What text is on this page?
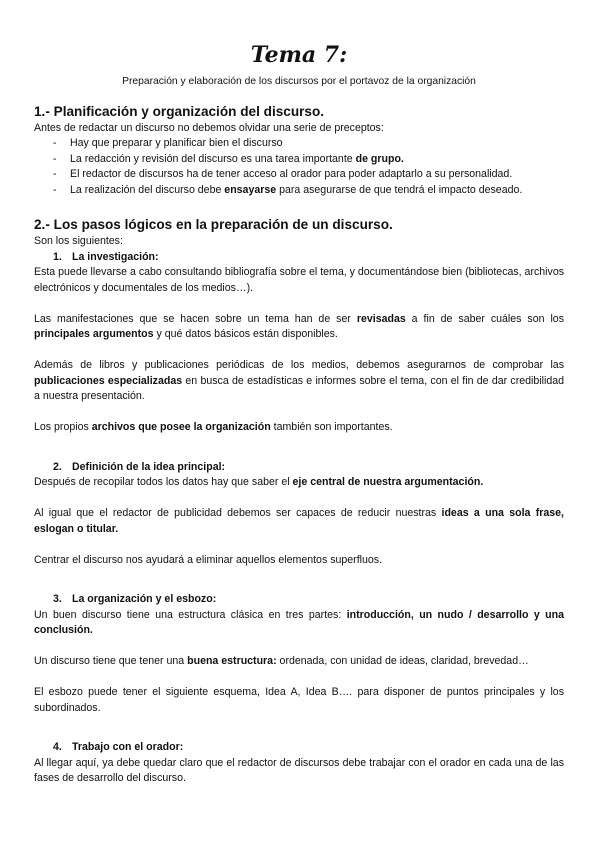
Tema 7:

Preparación y elaboración de los discursos por el portavoz de la organización

1.- Planificación y organización del discurso.

Antes de redactar un discurso no debemos olvidar una serie de preceptos:

- Hay que preparar y planificar bien el discurso
- La redacción y revisión del discurso es una tarea importante de grupo.
- El redactor de discursos ha de tener acceso al orador para poder adaptarlo a su personalidad.
- La realización del discurso debe ensayarse para asegurarse de que tendrá el impacto deseado.
2.- Los pasos lógicos en la preparación de un discurso.

Son los siguientes:

1. La investigación:

Esta puede llevarse a cabo consultando bibliografía sobre el tema, y documentándose bien (bibliotecas, archivos electrónicos y documentales de los medios…).

Las manifestaciones que se hacen sobre un tema han de ser revisadas a fin de saber cuáles son los principales argumentos y qué datos básicos están disponibles.

Además de libros y publicaciones periódicas de los medios, debemos asegurarnos de comprobar las publicaciones especializadas en busca de estadísticas e informes sobre el tema, con el fin de dar credibilidad a nuestra presentación.

Los propios archivos que posee la organización también son importantes.

2. Definición de la idea principal:

Después de recopilar todos los datos hay que saber el eje central de nuestra argumentación.

Al igual que el redactor de publicidad debemos ser capaces de reducir nuestras ideas a una sola frase, eslogan o titular.

Centrar el discurso nos ayudará a eliminar aquellos elementos superfluos.

3. La organización y el esbozo:

Un buen discurso tiene una estructura clásica en tres partes: introducción, un nudo / desarrollo y una conclusión.

Un discurso tiene que tener una buena estructura: ordenada, con unidad de ideas, claridad, brevedad…

El esbozo puede tener el siguiente esquema, Idea A, Idea B…. para disponer de puntos principales y los subordinados.

4. Trabajo con el orador:

Al llegar aquí, ya debe quedar claro que el redactor de discursos debe trabajar con el orador en cada una de las fases de desarrollo del discurso.
